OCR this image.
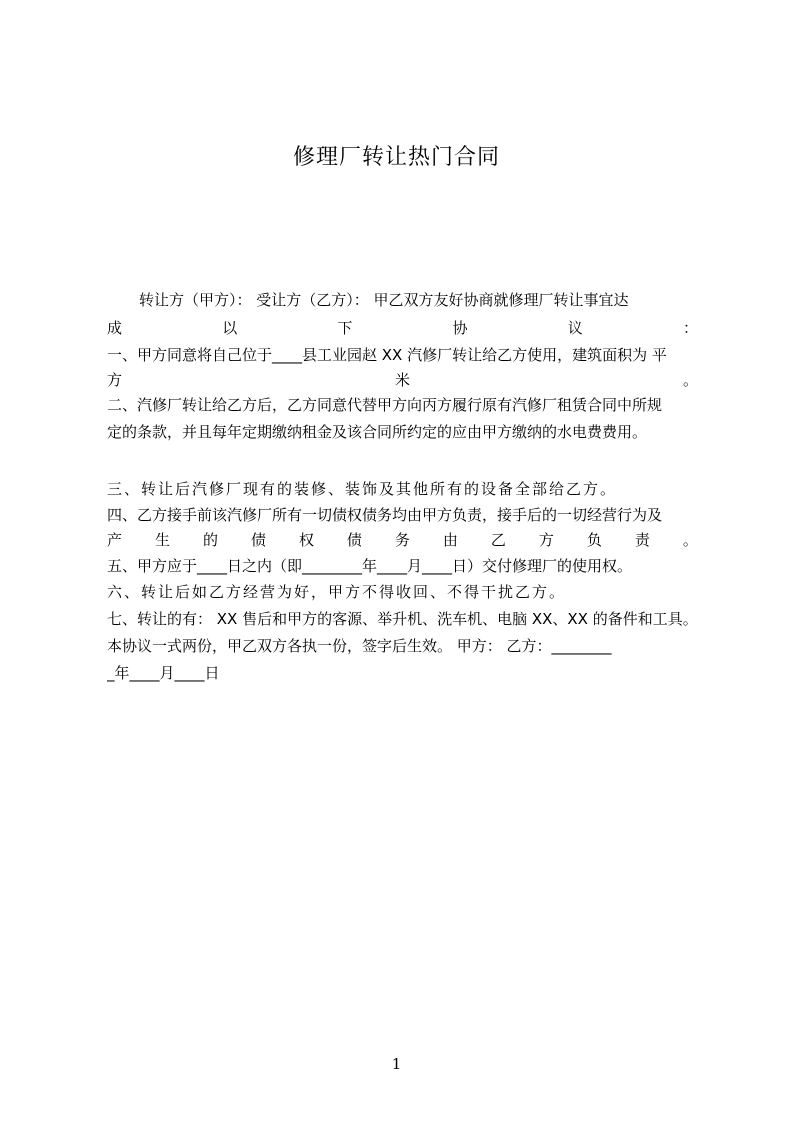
修理厂转让热门合同
转让方（甲方）： 受让方（乙方）： 甲乙双方友好协商就修理厂转让事宜达
成	以	下	协	议	：
一、甲方同意将自己位于____县工业园赵 XX 汽修厂转让给乙方使用，建筑面积为 平
方	米	。
二、汽修厂转让给乙方后，乙方同意代替甲方向丙方履行原有汽修厂租赁合同中所规
定的条款，并且每年定期缴纳租金及该合同所约定的应由甲方缴纳的水电费费用。
三、转让后汽修厂现有的装修、装饰及其他所有的设备全部给乙方。
四、乙方接手前该汽修厂所有一切债权债务均由甲方负责，接手后的一切经营行为及
产 生 的 债 权 债 务 由 乙 方 负 责 。
五、甲方应于____日之内（即________年____月____日）交付修理厂的使用权。
六、转让后如乙方经营为好，甲方不得收回、不得干扰乙方。
七、转让的有： XX 售后和甲方的客源、举升机、洗车机、电脑 XX、XX 的备件和工具。
本协议一式两份，甲乙双方各执一份，签字后生效。 甲方： 乙方：________
_年____月____日
1
